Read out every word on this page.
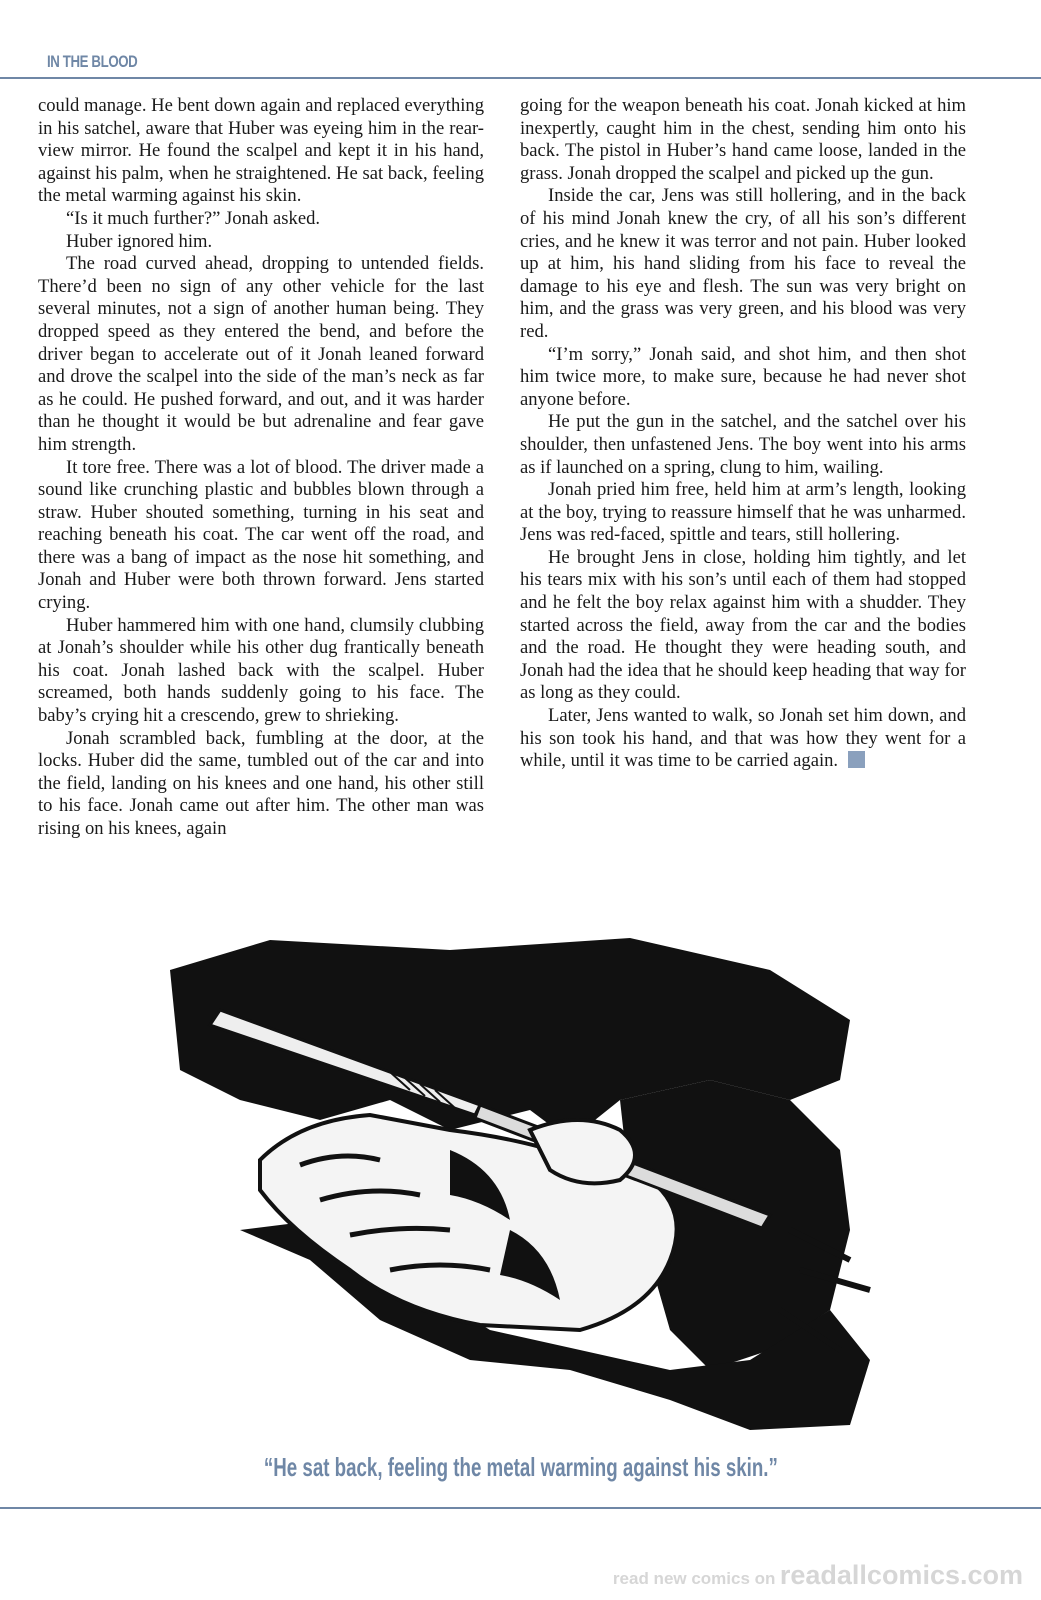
IN THE BLOOD

could manage. He bent down again and replaced everything in his satchel, aware that Huber was eyeing him in the rear-view mirror. He found the scalpel and kept it in his hand, against his palm, when he straightened. He sat back, feeling the metal warming against his skin.

“Is it much further?” Jonah asked.

Huber ignored him.

The road curved ahead, dropping to untended fields. There’d been no sign of any other vehicle for the last several minutes, not a sign of another human being. They dropped speed as they entered the bend, and before the driver began to accelerate out of it Jonah leaned forward and drove the scalpel into the side of the man’s neck as far as he could. He pushed forward, and out, and it was harder than he thought it would be but adrenaline and fear gave him strength.

It tore free. There was a lot of blood. The driver made a sound like crunching plastic and bubbles blown through a straw. Huber shouted something, turning in his seat and reaching beneath his coat. The car went off the road, and there was a bang of impact as the nose hit something, and Jonah and Huber were both thrown forward. Jens started crying.

Huber hammered him with one hand, clumsily clubbing at Jonah’s shoulder while his other dug frantically beneath his coat. Jonah lashed back with the scalpel. Huber screamed, both hands suddenly going to his face. The baby’s crying hit a crescendo, grew to shrieking.

Jonah scrambled back, fumbling at the door, at the locks. Huber did the same, tumbled out of the car and into the field, landing on his knees and one hand, his other still to his face. Jonah came out after him. The other man was rising on his knees, again

going for the weapon beneath his coat. Jonah kicked at him inexpertly, caught him in the chest, sending him onto his back. The pistol in Huber’s hand came loose, landed in the grass. Jonah dropped the scalpel and picked up the gun.

Inside the car, Jens was still hollering, and in the back of his mind Jonah knew the cry, of all his son’s different cries, and he knew it was terror and not pain. Huber looked up at him, his hand sliding from his face to reveal the damage to his eye and flesh. The sun was very bright on him, and the grass was very green, and his blood was very red.

“I’m sorry,” Jonah said, and shot him, and then shot him twice more, to make sure, because he had never shot anyone before.

He put the gun in the satchel, and the satchel over his shoulder, then unfastened Jens. The boy went into his arms as if launched on a spring, clung to him, wailing.

Jonah pried him free, held him at arm’s length, looking at the boy, trying to reassure himself that he was unharmed. Jens was red-faced, spittle and tears, still hollering.

He brought Jens in close, holding him tightly, and let his tears mix with his son’s until each of them had stopped and he felt the boy relax against him with a shudder. They started across the field, away from the car and the bodies and the road. He thought they were heading south, and Jonah had the idea that he should keep heading that way for as long as they could.

Later, Jens wanted to walk, so Jonah set him down, and his son took his hand, and that was how they went for a while, until it was time to be carried again.

“He sat back, feeling the metal warming against his skin.”
read new comics on readallcomics.com
